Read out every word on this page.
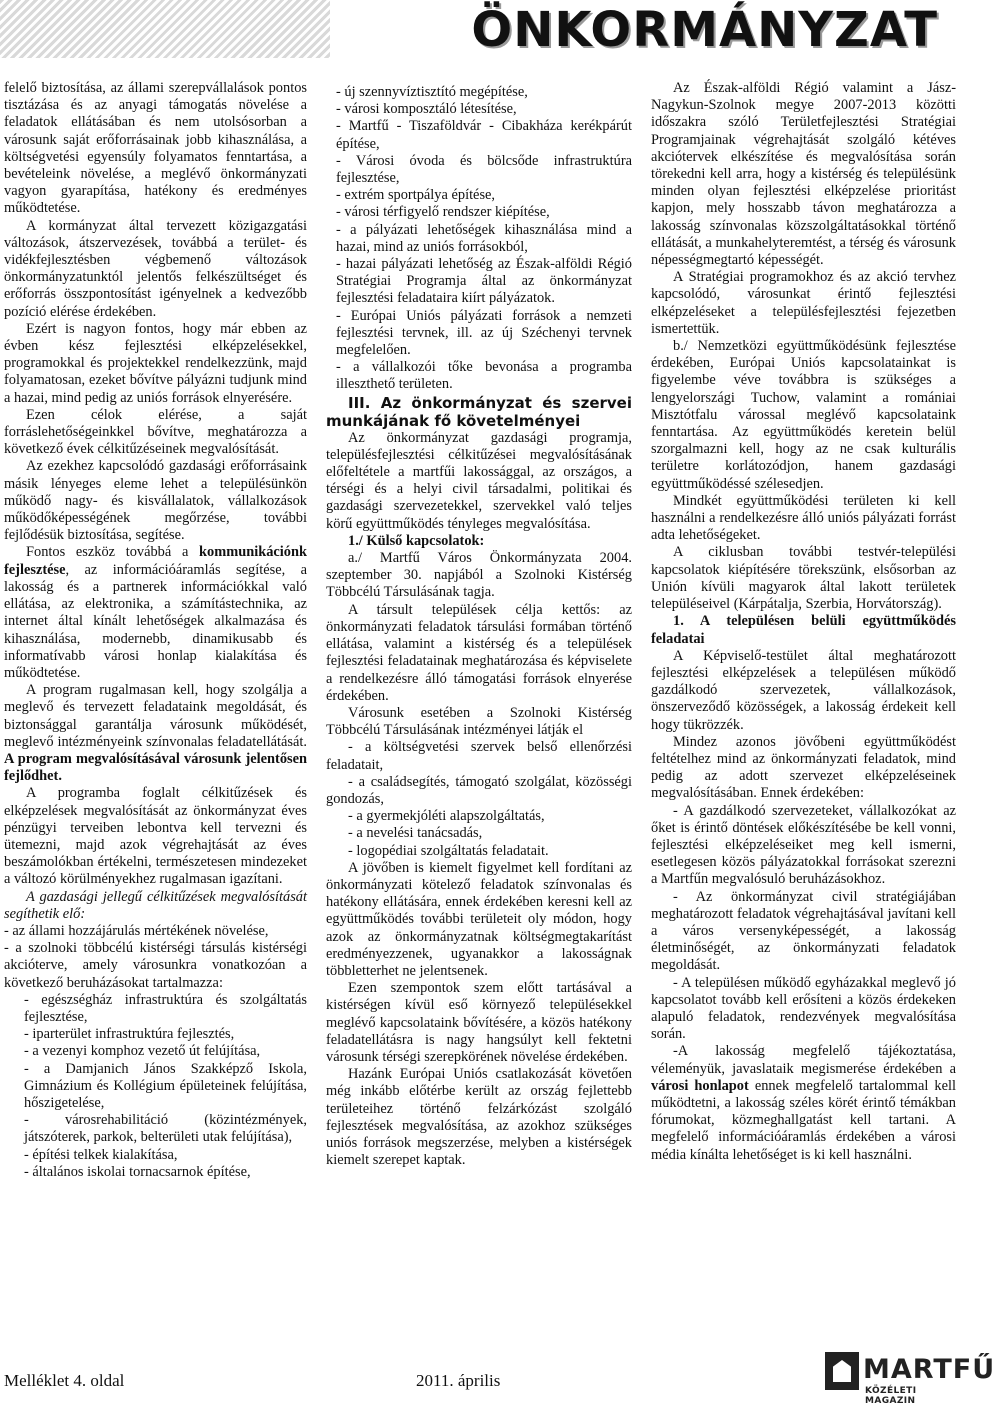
ÖNKORMÁNYZAT

felelő biztosítása, az állami szerepvállalások pontos tisztázása és az anyagi támogatás növelése a feladatok ellátásában és nem utolsósorban a városunk saját erőforrásainak jobb kihasználása, a költségvetési egyensúly folyamatos fenntartása, a bevételeink növelése, a meglévő önkormányzati vagyon gyarapítása, hatékony és eredményes működtetése.

A kormányzat által tervezett közigazgatási változások, átszervezések, továbbá a terület- és vidékfejlesztésben végbemenő változások önkormányzatunktól jelentős felkészültséget és erőforrás összpontosítást igényelnek a kedvezőbb pozíció elérése érdekében.

Ezért is nagyon fontos, hogy már ebben az évben kész fejlesztési elképzelésekkel, programokkal és projektekkel rendelkezzünk, majd folyamatosan, ezeket bővítve pályázni tudjunk mind a hazai, mind pedig az uniós források elnyerésére.

Ezen célok elérése, a saját forráslehetőségeinkkel bővítve, meghatározza a következő évek célkitűzéseinek megvalósítását.

Az ezekhez kapcsolódó gazdasági erőforrásaink másik lényeges eleme lehet a településünkön működő nagy- és kisvállalatok, vállalkozások működőképességének megőrzése, további fejlődésük biztosítása, segítése.

Fontos eszköz továbbá a kommunikációnk fejlesztése, az információáramlás segítése, a lakosság és a partnerek információkkal való ellátása, az elektronika, a számítástechnika, az internet által kínált lehetőségek alkalmazása és kihasználása, modernebb, dinamikusabb és informatívabb városi honlap kialakítása és működtetése.

A program rugalmasan kell, hogy szolgálja a meglevő és tervezett feladataink megoldását, és biztonsággal garantálja városunk működését, meglevő intézményeink színvonalas feladatellátását. A program megvalósításával városunk jelentősen fejlődhet.

A programba foglalt célkitűzések és elképzelések megvalósítását az önkormányzat éves pénzügyi terveiben lebontva kell tervezni és ütemezni, majd azok végrehajtását az éves beszámolókban értékelni, természetesen mindezeket a változó körülményekhez rugalmasan igazítani.

A gazdasági jellegű célkitűzések megvalósítását segíthetik elő:

- az állami hozzájárulás mértékének növelése,

- a szolnoki többcélú kistérségi társulás kistérségi akcióterve, amely városunkra vonatkozóan a következő beruházásokat tartalmazza:

- egészségház infrastruktúra és szolgáltatás fejlesztése,

- iparterület infrastruktúra fejlesztés,

- a vezenyi komphoz vezető út felújítása,

- a Damjanich János Szakképző Iskola, Gimnázium és Kollégium épületeinek felújítása, hőszigetelése,

- városrehabilitáció (közintézmények, játszóterek, parkok, belterületi utak felújítása),

- építési telkek kialakítása,

- általános iskolai tornacsarnok építése,

- új szennyvíztisztító megépítése,

- városi komposztáló létesítése,

- Martfű - Tiszaföldvár - Cibakháza kerékpárút építése,

- Városi óvoda és bölcsőde infrastruktúra fejlesztése,

- extrém sportpálya építése,

- városi térfigyelő rendszer kiépítése,

- a pályázati lehetőségek kihasználása mind a hazai, mind az uniós forrásokból,

- hazai pályázati lehetőség az Észak-alföldi Régió Stratégiai Programja által az önkormányzat fejlesztési feladataira kiírt pályázatok.

- Európai Uniós pályázati források a nemzeti fejlesztési tervnek, ill. az új Széchenyi tervnek megfelelően.

- a vállalkozói tőke bevonása a programba illeszthető területen.

III. Az önkormányzat és szervei munkájának fő követelményei

Az önkormányzat gazdasági programja, településfejlesztési célkitűzései megvalósításának előfeltétele a martfűi lakossággal, az országos, a térségi és a helyi civil társadalmi, politikai és gazdasági szervezetekkel, szervekkel való teljes körű együttműködés tényleges megvalósítása.

1./ Külső kapcsolatok:

a./ Martfű Város Önkormányzata 2004. szeptember 30. napjából a Szolnoki Kistérség Többcélú Társulásának tagja.

A társult települések célja kettős: az önkormányzati feladatok társulási formában történő ellátása, valamint a kistérség és a települések fejlesztési feladatainak meghatározása és képviselete a rendelkezésre álló támogatási források elnyerése érdekében.

Városunk esetében a Szolnoki Kistérség Többcélú Társulásának intézményei látják el

- a költségvetési szervek belső ellenőrzési feladatait,

- a családsegítés, támogató szolgálat, közösségi gondozás,

- a gyermekjóléti alapszolgáltatás,

- a nevelési tanácsadás,

- logopédiai szolgáltatás feladatait.

A jövőben is kiemelt figyelmet kell fordítani az önkormányzati kötelező feladatok színvonalas és hatékony ellátására, ennek érdekében keresni kell az együttműködés további területeit oly módon, hogy azok az önkormányzatnak költségmegtakarítást eredményezzenek, ugyanakkor a lakosságnak többletterhet ne jelentsenek.

Ezen szempontok szem előtt tartásával a kistérségen kívül eső környező településekkel meglévő kapcsolataink bővítésére, a közös hatékony feladatellátásra is nagy hangsúlyt kell fektetni városunk térségi szerepkörének növelése érdekében.

Hazánk Európai Uniós csatlakozását követően még inkább előtérbe került az ország fejlettebb területeihez történő felzárkózást szolgáló fejlesztések megvalósítása, az azokhoz szükséges uniós források megszerzése, melyben a kistérségek kiemelt szerepet kaptak.

Az Észak-alföldi Régió valamint a Jász-Nagykun-Szolnok megye 2007-2013 közötti időszakra szóló Területfejlesztési Stratégiai Programjainak végrehajtását szolgáló kétéves akciótervek elkészítése és megvalósítása során törekedni kell arra, hogy a kistérség és településünk minden olyan fejlesztési elképzelése prioritást kapjon, mely hosszabb távon meghatározza a lakosság színvonalas közszolgáltatásokkal történő ellátását, a munkahelyteremtést, a térség és városunk népességmegtartó képességét.

A Stratégiai programokhoz és az akció tervhez kapcsolódó, városunkat érintő fejlesztési elképzeléseket a településfejlesztési fejezetben ismertettük.

b./ Nemzetközi együttműködésünk fejlesztése érdekében, Európai Uniós kapcsolatainkat is figyelembe véve továbbra is szükséges a lengyelországi Tuchow, valamint a romániai Misztótfalu várossal meglévő kapcsolataink fenntartása. Az együttműködés keretein belül szorgalmazni kell, hogy az ne csak kulturális területre korlátozódjon, hanem gazdasági együttműködéssé szélesedjen.

Mindkét együttműködési területen ki kell használni a rendelkezésre álló uniós pályázati forrást adta lehetőségeket.

A ciklusban további testvér-települési kapcsolatok kiépítésére törekszünk, elsősorban az Unión kívüli magyarok által lakott területek településeivel (Kárpátalja, Szerbia, Horvátország).

1. A településen belüli együttműködés feladatai

A Képviselő-testület által meghatározott fejlesztési elképzelések a településen működő gazdálkodó szervezetek, vállalkozások, önszerveződő közösségek, a lakosság érdekeit kell hogy tükrözzék.

Mindez azonos jövőbeni együttműködést feltételhez mind az önkormányzati feladatok, mind pedig az adott szervezet elképzeléseinek megvalósításában. Ennek érdekében:

- A gazdálkodó szervezeteket, vállalkozókat az őket is érintő döntések előkészítésébe be kell vonni, fejlesztési elképzeléseiket meg kell ismerni, esetlegesen közös pályázatokkal forrásokat szerezni a Martfűn megvalósuló beruházásokhoz.

- Az önkormányzat civil stratégiájában meghatározott feladatok végrehajtásával javítani kell a város versenyképességét, a lakosság életminőségét, az önkormányzati feladatok megoldását.

- A településen működő egyházakkal meglevő jó kapcsolatot tovább kell erősíteni a közös érdekeken alapuló feladatok, rendezvények megvalósítása során.

-A lakosság megfelelő tájékoztatása, véleményük, javaslataik megismerése érdekében a városi honlapot ennek megfelelő tartalommal kell működtetni, a lakosság széles körét érintő témákban fórumokat, közmeghallgatást kell tartani. A megfelelő információáramlás érdekében a városi média kínálta lehetőséget is ki kell használni.

Melléklet 4. oldal	2011. április	MARTFŰ
KÖZÉLETI MAGAZIN
